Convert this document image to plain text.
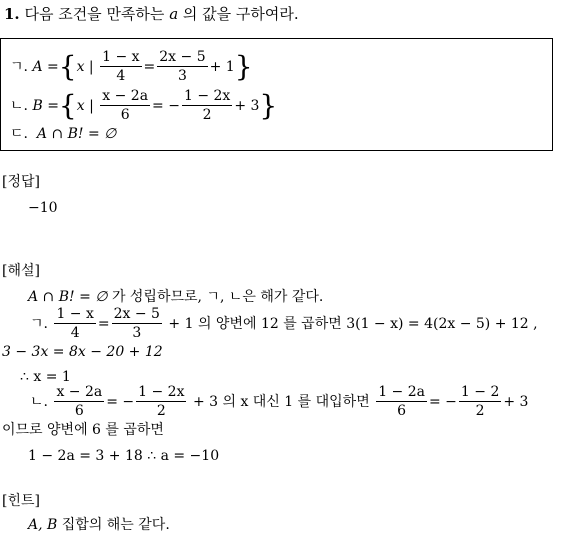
1. 다음 조건을 만족하는 a 의 값을 구하여라.
ㄱ.
A
= { x |
$\frac{1 - x}{4} = \frac{2x - 5}{3} + 1$ }
ㄴ.
B
= { x |
$\frac{x - 2a}{6}$ = − $\frac{1 - 2x}{2} + 3$ }
ㄷ. A ∩ B! = ∅
[정답]
−10
[해설]
A ∩ B! = ∅ 가 성립하므로, ㄱ, ㄴ은 해가 같다.
ㄱ.
$\frac{1 - x}{4} = \frac{2x - 5}{3}$
+ 1 의 양변에 12 를 곱하면 3(1 − x) = 4(2x − 5) + 12 ,
3 − 3x = 8x − 20 + 12
∴ x = 1
ㄴ.
$\frac{x - 2a}{6}$ = − $\frac{1 - 2x}{2}$
+ 3 의 x 대신 1 를 대입하면
$\frac{1 - 2a}{6}$ = − $\frac{1 - 2}{2} + 3$
이므로 양변에 6 를 곱하면
1 − 2a = 3 + 18 ∴ a = −10
[힌트]
A, B 집합의 해는 같다.
